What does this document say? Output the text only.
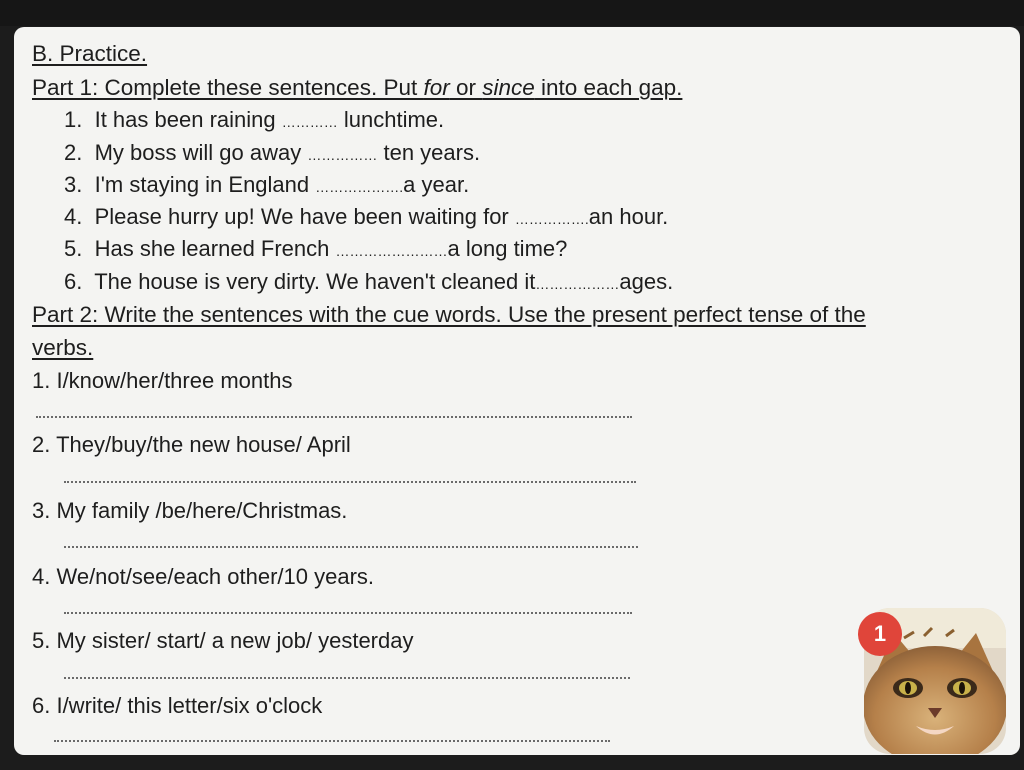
B. Practice.
Part 1: Complete these sentences. Put for or since into each gap.
1. It has been raining ………… lunchtime.
2. My boss will go away …………… ten years.
3. I'm staying in England ……………….a year.
4. Please hurry up! We have been waiting for …………….an hour.
5. Has she learned French ……………………a long time?
6. The house is very dirty. We haven't cleaned it………………ages.
Part 2: Write the sentences with the cue words. Use the present perfect tense of the
verbs.
1. I/know/her/three months
2. They/buy/the new house/ April
3. My family /be/here/Christmas.
4. We/not/see/each other/10 years.
5. My sister/ start/ a new job/ yesterday
6. I/write/ this letter/six o'clock
1
